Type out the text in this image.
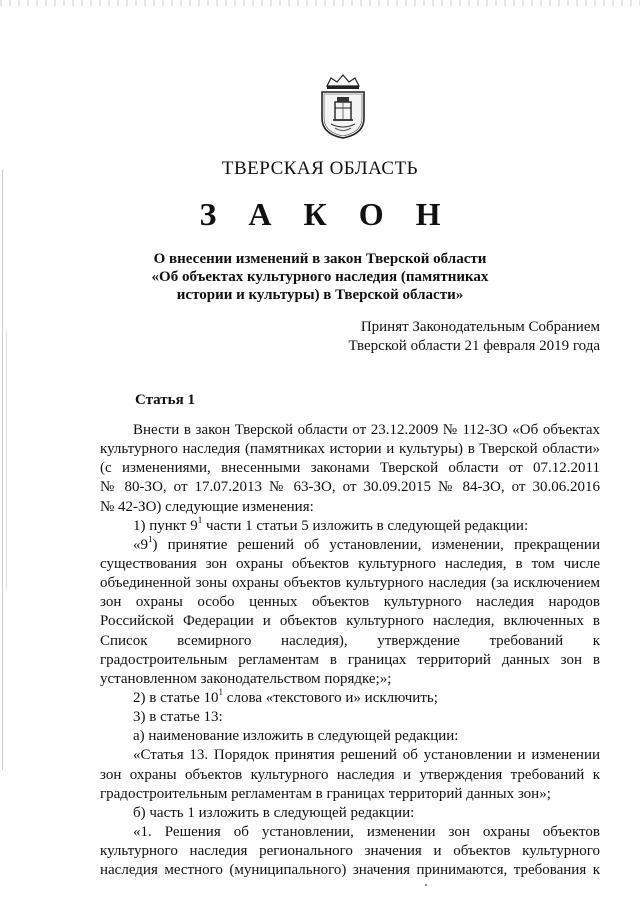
ТВЕРСКАЯ ОБЛАСТЬ
З А К О Н
О внесении изменений в закон Тверской области
«Об объектах культурного наследия (памятниках
истории и культуры) в Тверской области»
Принят Законодательным Собранием
Тверской области 21 февраля 2019 года
Статья 1
Внести в закон Тверской области от 23.12.2009 № 112-ЗО «Об объектах
культурного наследия (памятниках истории и культуры) в Тверской области»
(с изменениями, внесенными законами Тверской области от 07.12.2011
№ 80-ЗО, от 17.07.2013 № 63-ЗО, от 30.09.2015 № 84-ЗО, от 30.06.2016
№ 42-ЗО) следующие изменения:
1) пункт $9^1$ части 1 статьи 5 изложить в следующей редакции:
«$9^1$) принятие решений об установлении, изменении, прекращении
существования зон охраны объектов культурного наследия, в том числе
объединенной зоны охраны объектов культурного наследия (за исключением
зон охраны особо ценных объектов культурного наследия народов
Российской Федерации и объектов культурного наследия, включенных в
Список всемирного наследия), утверждение требований к
градостроительным регламентам в границах территорий данных зон в
установленном законодательством порядке;»;
2) в статье $10^1$ слова «текстового и» исключить;
3) в статье 13:
а) наименование изложить в следующей редакции:
«Статья 13. Порядок принятия решений об установлении и изменении
зон охраны объектов культурного наследия и утверждения требований к
градостроительным регламентам в границах территорий данных зон»;
б) часть 1 изложить в следующей редакции:
«1. Решения об установлении, изменении зон охраны объектов
культурного наследия регионального значения и объектов культурного
наследия местного (муниципального) значения принимаются, требования к
